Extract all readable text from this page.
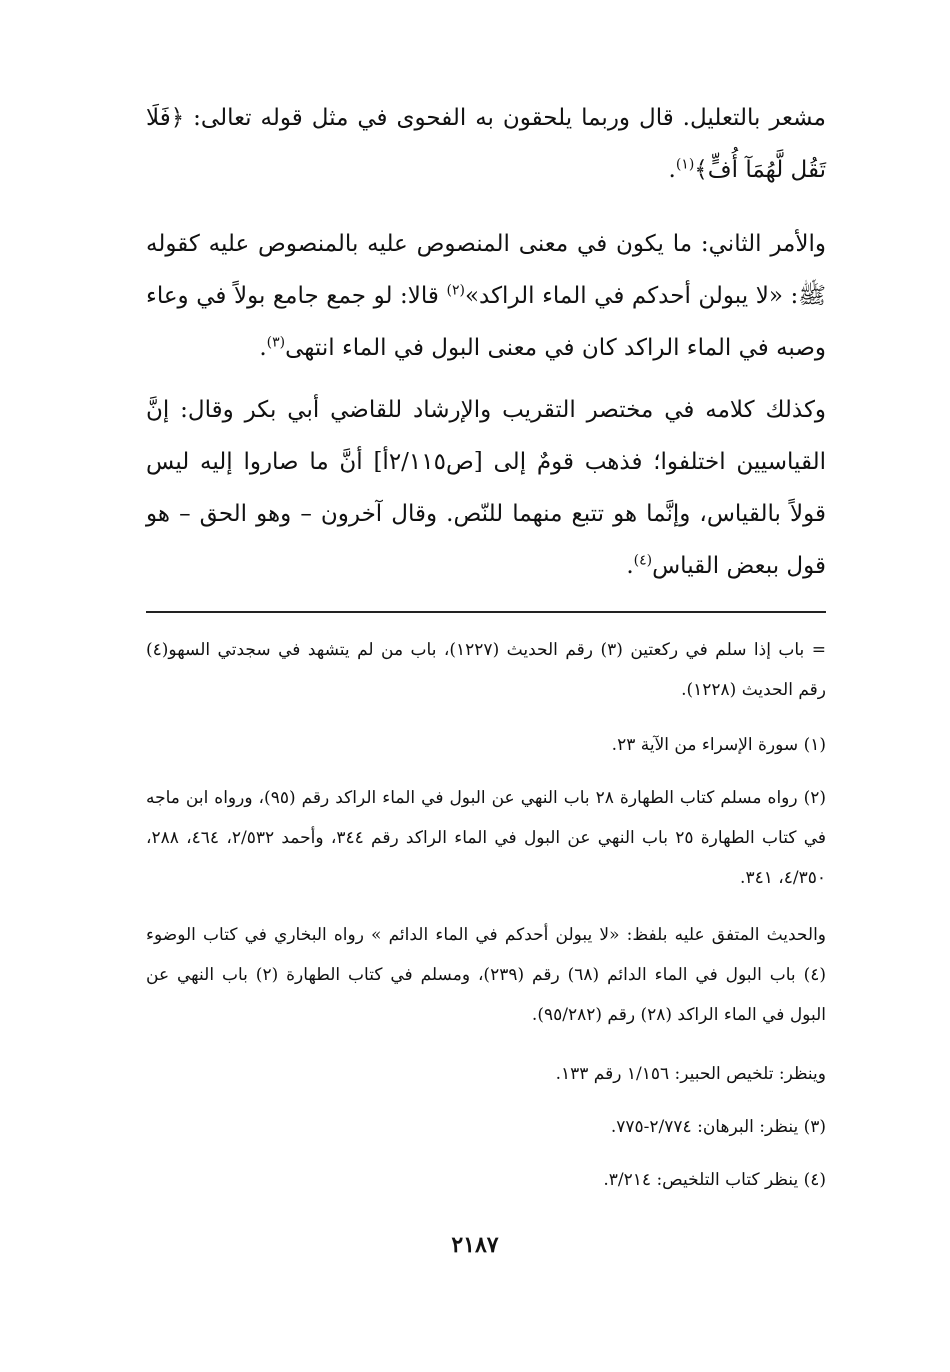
مشعر بالتعليل. قال وربما يلحقون به الفحوى في مثل قوله تعالى: ﴿فَلَا تَقُل لَّهُمَآ أُفٍّ﴾$^{(١)}$.

والأمر الثاني: ما يكون في معنى المنصوص عليه بالمنصوص عليه كقوله ﷺ: «لا يبولن أحدكم في الماء الراكد»$^{(٢)}$ قالا: لو جمع جامع بولاً في وعاء وصبه في الماء الراكد كان في معنى البول في الماء انتهى$^{(٣)}$.

وكذلك كلامه في مختصر التقريب والإرشاد للقاضي أبي بكر وقال: إنَّ القياسيين اختلفوا؛ فذهب قومٌ إلى [ص٢/١١٥أ] أنَّ ما صاروا إليه ليس قولاً بالقياس، وإنَّما هو تتبع منهما للنّص. وقال آخرون – وهو الحق – هو قول ببعض القياس$^{(٤)}$.

= باب إذا سلم في ركعتين (٣) رقم الحديث (١٢٢٧)، باب من لم يتشهد في سجدتي السهو(٤) رقم الحديث (١٢٢٨).

(١) سورة الإسراء من الآية ٢٣.

(٢) رواه مسلم كتاب الطهارة ٢٨ باب النهي عن البول في الماء الراكد رقم (٩٥)، ورواه ابن ماجه في كتاب الطهارة ٢٥ باب النهي عن البول في الماء الراكد رقم ٣٤٤، وأحمد ٢/٥٣٢، ٤٦٤، ٢٨٨، ٤/٣٥٠، ٣٤١.

والحديث المتفق عليه بلفظ: «لا يبولن أحدكم في الماء الدائم » رواه البخاري في كتاب الوضوء (٤) باب البول في الماء الدائم (٦٨) رقم (٢٣٩)، ومسلم في كتاب الطهارة (٢) باب النهي عن البول في الماء الراكد (٢٨) رقم (٩٥/٢٨٢).

وينظر: تلخيص الحبير: ١/١٥٦ رقم ١٣٣.

(٣) ينظر: البرهان: ٢/٧٧٤-٧٧٥.

(٤) ينظر كتاب التلخيص: ٣/٢١٤.

٢١٨٧
